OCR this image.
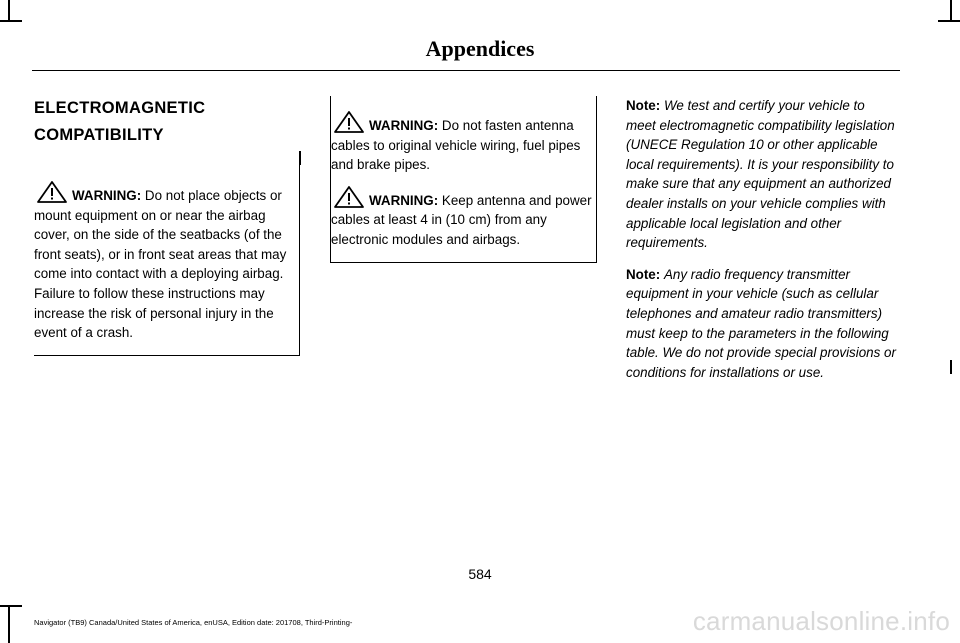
Appendices
ELECTROMAGNETIC
COMPATIBILITY

WARNING: Do not place objects or mount equipment on or near the airbag cover, on the side of the seatbacks (of the front seats), or in front seat areas that may come into contact with a deploying airbag. Failure to follow these instructions may increase the risk of personal injury in the event of a crash.

WARNING: Do not fasten antenna cables to original vehicle wiring, fuel pipes and brake pipes.

WARNING: Keep antenna and power cables at least 4 in (10 cm) from any electronic modules and airbags.

Note: We test and certify your vehicle to meet electromagnetic compatibility legislation (UNECE Regulation 10 or other applicable local requirements). It is your responsibility to make sure that any equipment an authorized dealer installs on your vehicle complies with applicable local legislation and other requirements.

Note: Any radio frequency transmitter equipment in your vehicle (such as cellular telephones and amateur radio transmitters) must keep to the parameters in the following table. We do not provide special provisions or conditions for installations or use.

584
Navigator (TB9) Canada/United States of America, enUSA, Edition date: 201708, Third-Printing-	carmanualsonline.info
